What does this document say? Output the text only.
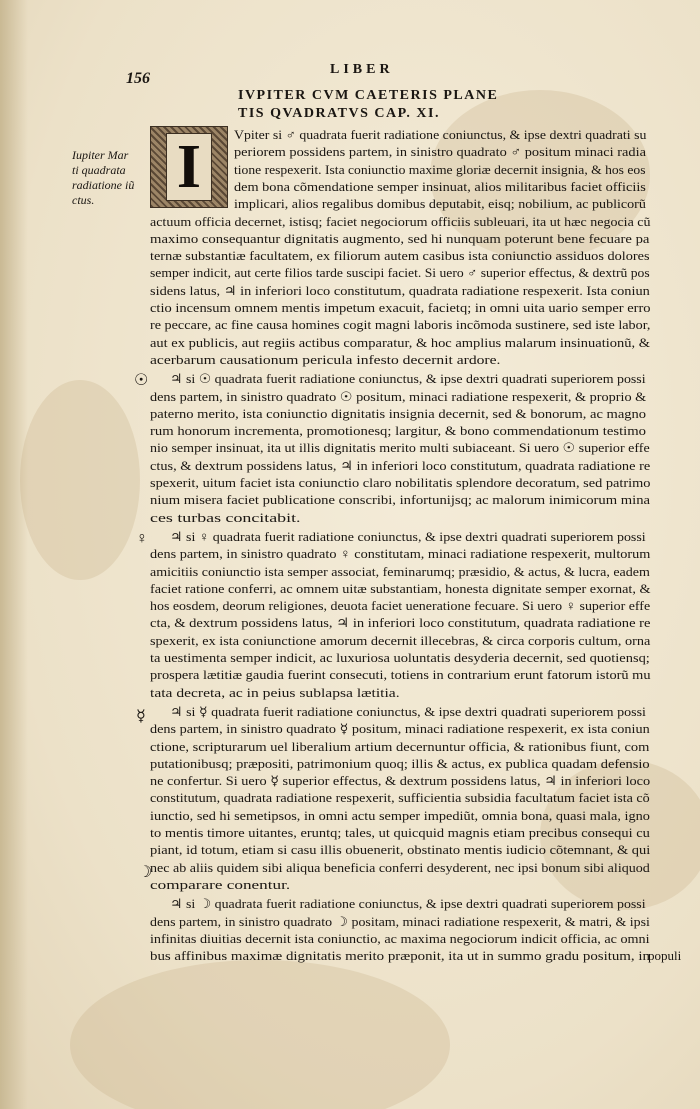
156
LIBER
IVPITER CVM CAETERIS PLANE
TIS QVADRATVS CAP. XI.
Iupiter Mar
ti quadrata
radiatione iũ
ctus.	I
☉
♀
☿
☽
Vpiter si ♂ quadrata fuerit radiatione coniunctus, & ipse dextri quadrati su
periorem possidens partem, in sinistro quadrato ♂ positum minaci radia
tione respexerit. Ista coniunctio maxime gloriæ decernit insignia, & hos eos
dem bona cõmendatione semper insinuat, alios militaribus faciet officiis
implicari, alios regalibus domibus deputabit, eisq; nobilium, ac publicorũ
actuum officia decernet, istisq; faciet negociorum officiis subleuari, ita ut hæc negocia cũ
maximo consequantur dignitatis augmento, sed hi nunquam poterunt bene fecuare pa
ternæ substantiæ facultatem, ex filiorum autem casibus ista coniunctio assiduos dolores
semper indicit, aut certe filios tarde suscipi faciet. Si uero ♂ superior effectus, & dextrũ pos
sidens latus, ♃ in inferiori loco constitutum, quadrata radiatione respexerit. Ista coniun
ctio incensum omnem mentis impetum exacuit, facietq; in omni uita uario semper erro
re peccare, ac fine causa homines cogit magni laboris incõmoda sustinere, sed iste labor,
aut ex publicis, aut regiis actibus comparatur, & hoc amplius malarum insinuationũ, &
acerbarum causationum pericula infesto decernit ardore.
♃ si ☉ quadrata fuerit radiatione coniunctus, & ipse dextri quadrati superiorem possi
dens partem, in sinistro quadrato ☉ positum, minaci radiatione respexerit, & proprio &
paterno merito, ista coniunctio dignitatis insignia decernit, sed & bonorum, ac magno
rum honorum incrementa, promotionesq; largitur, & bono commendationum testimo
nio semper insinuat, ita ut illis dignitatis merito multi subiaceant. Si uero ☉ superior effe
ctus, & dextrum possidens latus, ♃ in inferiori loco constitutum, quadrata radiatione re
spexerit, uitum faciet ista coniunctio claro nobilitatis splendore decoratum, sed patrimo
nium misera faciet publicatione conscribi, infortunijsq; ac malorum inimicorum mina
ces turbas concitabit.
♃ si ♀ quadrata fuerit radiatione coniunctus, & ipse dextri quadrati superiorem possi
dens partem, in sinistro quadrato ♀ constitutam, minaci radiatione respexerit, multorum
amicitiis coniunctio ista semper associat, feminarumq; præsidio, & actus, & lucra, eadem
faciet ratione conferri, ac omnem uitæ substantiam, honesta dignitate semper exornat, &
hos eosdem, deorum religiones, deuota faciet ueneratione fecuare. Si uero ♀ superior effe
cta, & dextrum possidens latus, ♃ in inferiori loco constitutum, quadrata radiatione re
spexerit, ex ista coniunctione amorum decernit illecebras, & circa corporis cultum, orna
ta uestimenta semper indicit, ac luxuriosa uoluntatis desyderia decernit, sed quotiensq;
prospera lætitiæ gaudia fuerint consecuti, totiens in contrarium erunt fatorum istorũ mu
tata decreta, ac in peius sublapsa lætitia.
♃ si ☿ quadrata fuerit radiatione coniunctus, & ipse dextri quadrati superiorem possi
dens partem, in sinistro quadrato ☿ positum, minaci radiatione respexerit, ex ista coniun
ctione, scripturarum uel liberalium artium decernuntur officia, & rationibus fiunt, com
putationibusq; præpositi, patrimonium quoq; illis & actus, ex publica quadam defensio
ne confertur. Si uero ☿ superior effectus, & dextrum possidens latus, ♃ in inferiori loco
constitutum, quadrata radiatione respexerit, sufficientia subsidia facultatum faciet ista cõ
iunctio, sed hi semetipsos, in omni actu semper impediũt, omnia bona, quasi mala, igno
to mentis timore uitantes, eruntq; tales, ut quicquid magnis etiam precibus consequi cu
piant, id totum, etiam si casu illis obuenerit, obstinato mentis iudicio cõtemnant, & qui
nec ab aliis quidem sibi aliqua beneficia conferri desyderent, nec ipsi bonum sibi aliquod
comparare conentur.
♃ si ☽ quadrata fuerit radiatione coniunctus, & ipse dextri quadrati superiorem possi
dens partem, in sinistro quadrato ☽ positam, minaci radiatione respexerit, & matri, & ipsi
infinitas diuitias decernit ista coniunctio, ac maxima negociorum indicit officia, ac omni
bus affinibus maximæ dignitatis merito præponit, ita ut in summo gradu positum, in
populi
